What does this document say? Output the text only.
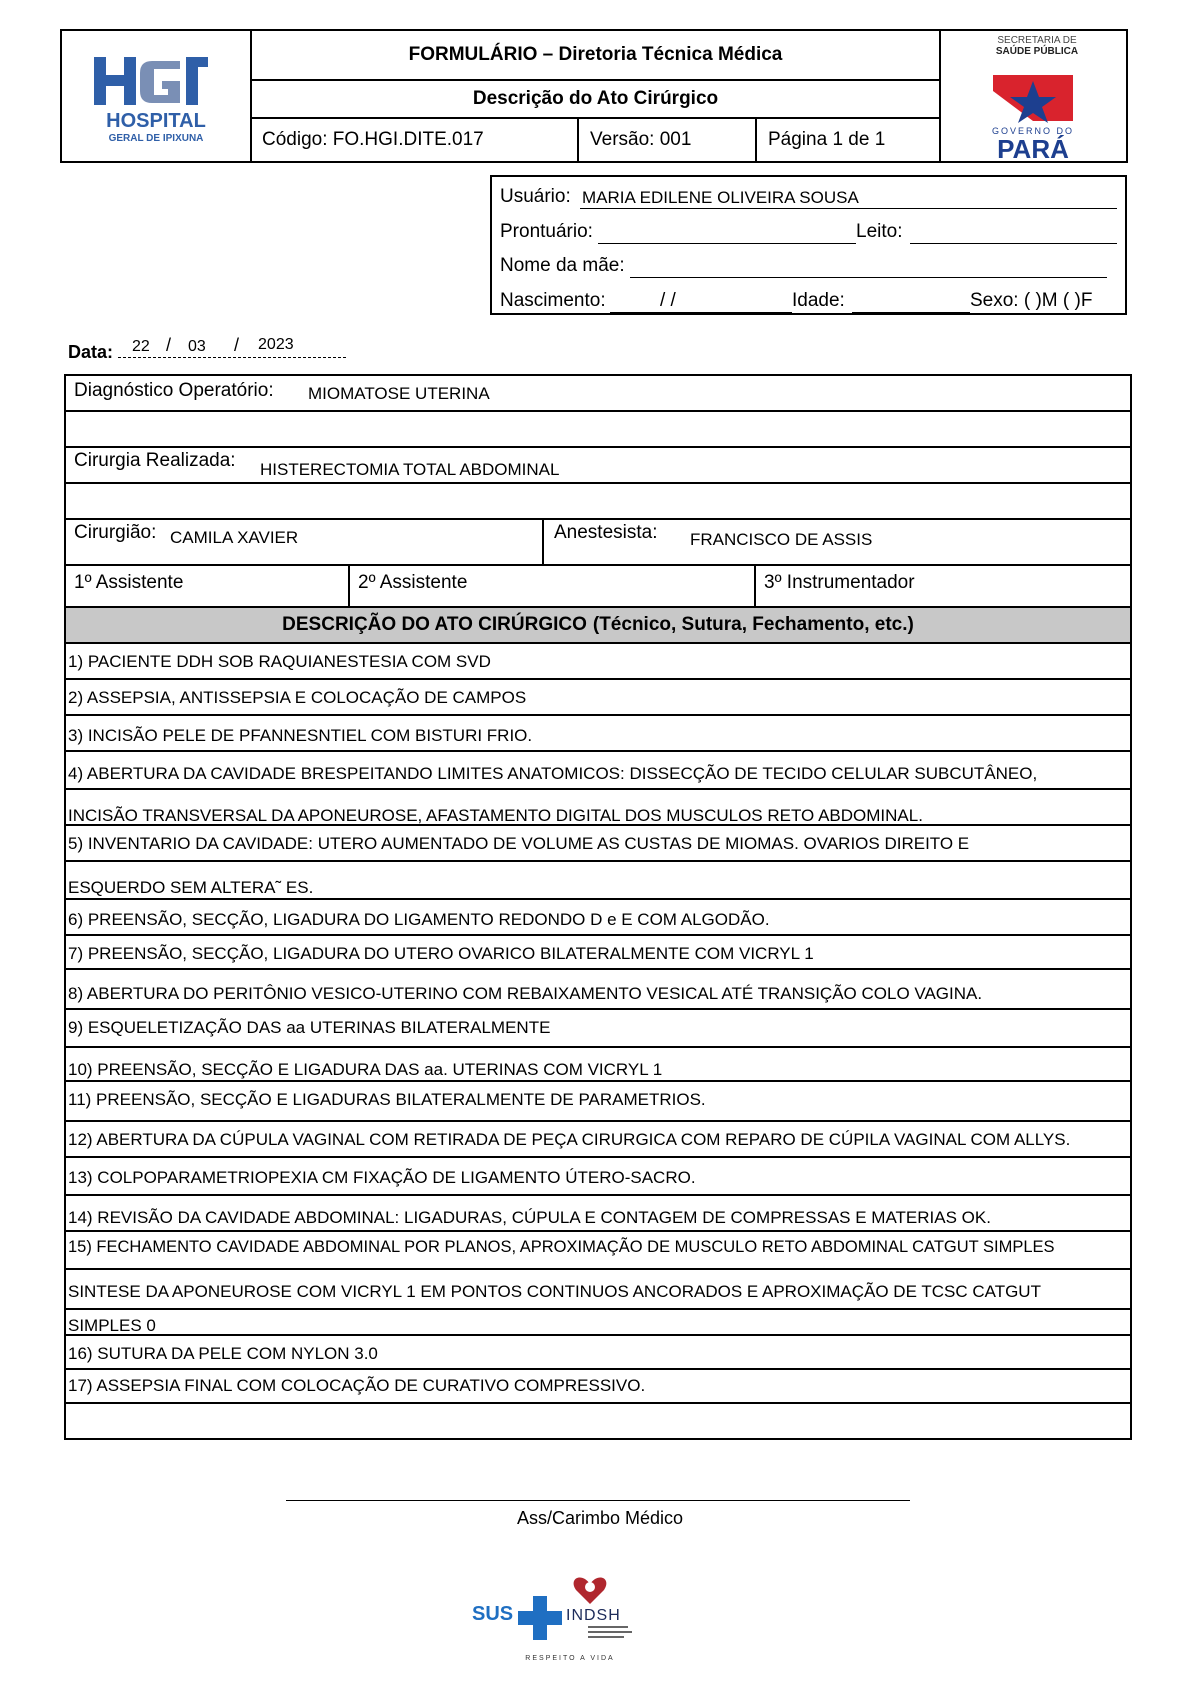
HOSPITAL
GERAL DE IPIXUNA
FORMULÁRIO – Diretoria Técnica Médica
Descrição do Ato Cirúrgico
Código: FO.HGI.DITE.017	Versão: 001	Página 1 de 1
SECRETARIA DE
SAÚDE PÚBLICA
GOVERNO DO
PARÁ
Usuário: MARIA EDILENE OLIVEIRA SOUSA
Prontuário:	Leito:
Nome da mãe:
Nascimento:	/ /	Idade:	Sexo: ( )M ( )F
Data: 22 / 03 / 2023
Diagnóstico Operatório: MIOMATOSE UTERINA
Cirurgia Realizada: HISTERECTOMIA TOTAL ABDOMINAL
Cirurgião: CAMILA XAVIER	Anestesista: FRANCISCO DE ASSIS
1º Assistente	2º Assistente	3º Instrumentador
DESCRIÇÃO DO ATO CIRÚRGICO (Técnico, Sutura, Fechamento, etc.)
1) PACIENTE DDH SOB RAQUIANESTESIA COM SVD
2) ASSEPSIA, ANTISSEPSIA E COLOCAÇÃO DE CAMPOS
3) INCISÃO PELE DE PFANNESNTIEL COM BISTURI FRIO.
4) ABERTURA DA CAVIDADE BRESPEITANDO LIMITES ANATOMICOS: DISSECÇÃO DE TECIDO CELULAR SUBCUTÂNEO,
INCISÃO TRANSVERSAL DA APONEUROSE, AFASTAMENTO DIGITAL DOS MUSCULOS RETO ABDOMINAL.
5) INVENTARIO DA CAVIDADE: UTERO AUMENTADO DE VOLUME AS CUSTAS DE MIOMAS. OVARIOS DIREITO E
ESQUERDO SEM ALTERA˜ ES.
6) PREENSÃO, SECÇÃO, LIGADURA DO LIGAMENTO REDONDO D e E COM ALGODÃO.
7) PREENSÃO, SECÇÃO, LIGADURA DO UTERO OVARICO BILATERALMENTE COM VICRYL 1
8) ABERTURA DO PERITÔNIO VESICO-UTERINO COM REBAIXAMENTO VESICAL ATÉ TRANSIÇÃO COLO VAGINA.
9) ESQUELETIZAÇÃO DAS aa UTERINAS BILATERALMENTE
10) PREENSÃO, SECÇÃO E LIGADURA DAS aa. UTERINAS COM VICRYL 1
11) PREENSÃO, SECÇÃO E LIGADURAS BILATERALMENTE DE PARAMETRIOS.
12) ABERTURA DA CÚPULA VAGINAL COM RETIRADA DE PEÇA CIRURGICA COM REPARO DE CÚPILA VAGINAL COM ALLYS.
13) COLPOPARAMETRIOPEXIA CM FIXAÇÃO DE LIGAMENTO ÚTERO-SACRO.
14) REVISÃO DA CAVIDADE ABDOMINAL: LIGADURAS, CÚPULA E CONTAGEM DE COMPRESSAS E MATERIAS OK.
15) FECHAMENTO CAVIDADE ABDOMINAL POR PLANOS, APROXIMAÇÃO DE MUSCULO RETO ABDOMINAL CATGUT SIMPLES
SINTESE DA APONEUROSE COM VICRYL 1 EM PONTOS CONTINUOS ANCORADOS E APROXIMAÇÃO DE TCSC CATGUT
SIMPLES 0
16) SUTURA DA PELE COM NYLON 3.0
17) ASSEPSIA FINAL COM COLOCAÇÃO DE CURATIVO COMPRESSIVO.
Ass/Carimbo Médico
SUS	INDSH
RESPEITO A VIDA
